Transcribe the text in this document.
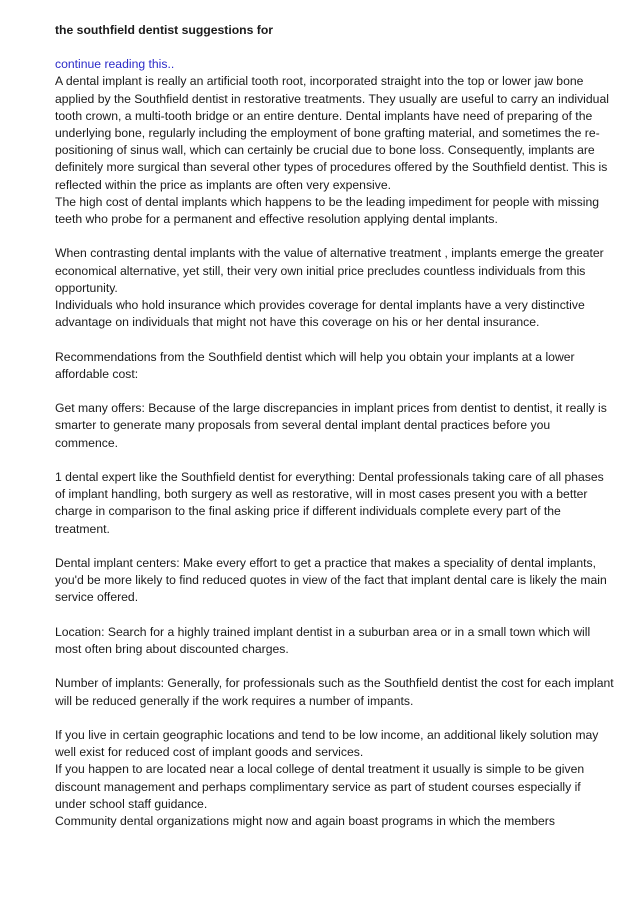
the southfield dentist suggestions for
continue reading this..

A dental implant is really an artificial tooth root, incorporated straight into the top or lower jaw bone applied by the Southfield dentist in restorative treatments. They usually are useful to carry an individual tooth crown, a multi-tooth bridge or an entire denture. Dental implants have need of preparing of the underlying bone, regularly including the employment of bone grafting material, and sometimes the re-positioning of sinus wall, which can certainly be crucial due to bone loss. Consequently, implants are definitely more surgical than several other types of procedures offered by the Southfield dentist. This is reflected within the price as implants are often very expensive.

The high cost of dental implants which happens to be the leading impediment for people with missing teeth who probe for a permanent and effective resolution applying dental implants.

When contrasting dental implants with the value of alternative treatment , implants emerge the greater economical alternative, yet still, their very own initial price precludes countless individuals from this opportunity.

Individuals who hold insurance which provides coverage for dental implants have a very distinctive advantage on individuals that might not have this coverage on his or her dental insurance.

Recommendations from the Southfield dentist which will help you obtain your implants at a lower affordable cost:

Get many offers: Because of the large discrepancies in implant prices from dentist to dentist, it really is smarter to generate many proposals from several dental implant dental practices before you commence.

1 dental expert like the Southfield dentist for everything: Dental professionals taking care of all phases of implant handling, both surgery as well as restorative, will in most cases present you with a better charge in comparison to the final asking price if different individuals complete every part of the treatment.

Dental implant centers: Make every effort to get a practice that makes a speciality of dental implants, you'd be more likely to find reduced quotes in view of the fact that implant dental care is likely the main service offered.

Location: Search for a highly trained implant dentist in a suburban area or in a small town which will most often bring about discounted charges.

Number of implants: Generally, for professionals such as the Southfield dentist the cost for each implant will be reduced generally if the work requires a number of impants.

If you live in certain geographic locations and tend to be low income, an additional likely solution may well exist for reduced cost of implant goods and services.

If you happen to are located near a local college of dental treatment it usually is simple to be given discount management and perhaps complimentary service as part of student courses especially if under school staff guidance.

Community dental organizations might now and again boast programs in which the members
